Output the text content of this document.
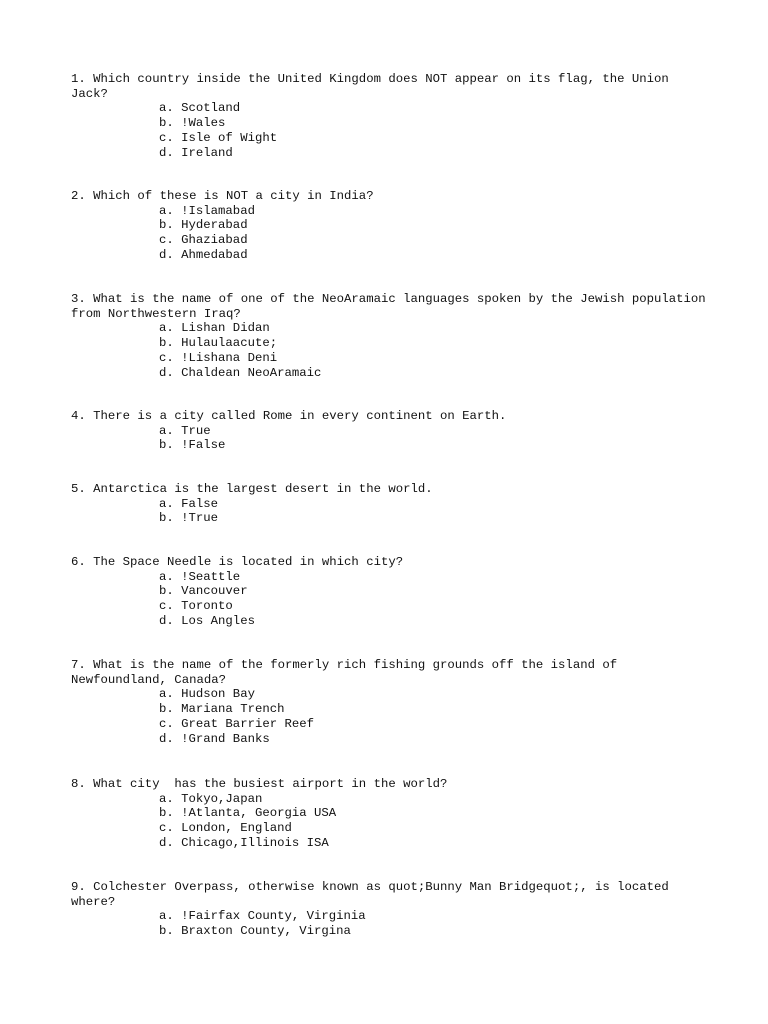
1. Which country inside the United Kingdom does NOT appear on its flag, the Union Jack?

a. Scotland
b. !Wales
c. Isle of Wight
d. Ireland

2. Which of these is NOT a city in India?

a. !Islamabad
b. Hyderabad
c. Ghaziabad
d. Ahmedabad

3. What is the name of one of the NeoAramaic languages spoken by the Jewish population from Northwestern Iraq?

a. Lishan Didan
b. Hulaulaacute;
c. !Lishana Deni
d. Chaldean NeoAramaic

4. There is a city called Rome in every continent on Earth.

a. True
b. !False

5. Antarctica is the largest desert in the world.

a. False
b. !True

6. The Space Needle is located in which city?

a. !Seattle
b. Vancouver
c. Toronto
d. Los Angles

7. What is the name of the formerly rich fishing grounds off the island of Newfoundland, Canada?

a. Hudson Bay
b. Mariana Trench
c. Great Barrier Reef
d. !Grand Banks

8. What city  has the busiest airport in the world?

a. Tokyo,Japan
b. !Atlanta, Georgia USA
c. London, England
d. Chicago,Illinois ISA

9. Colchester Overpass, otherwise known as quot;Bunny Man Bridgequot;, is located where?

a. !Fairfax County, Virginia
b. Braxton County, Virgina
